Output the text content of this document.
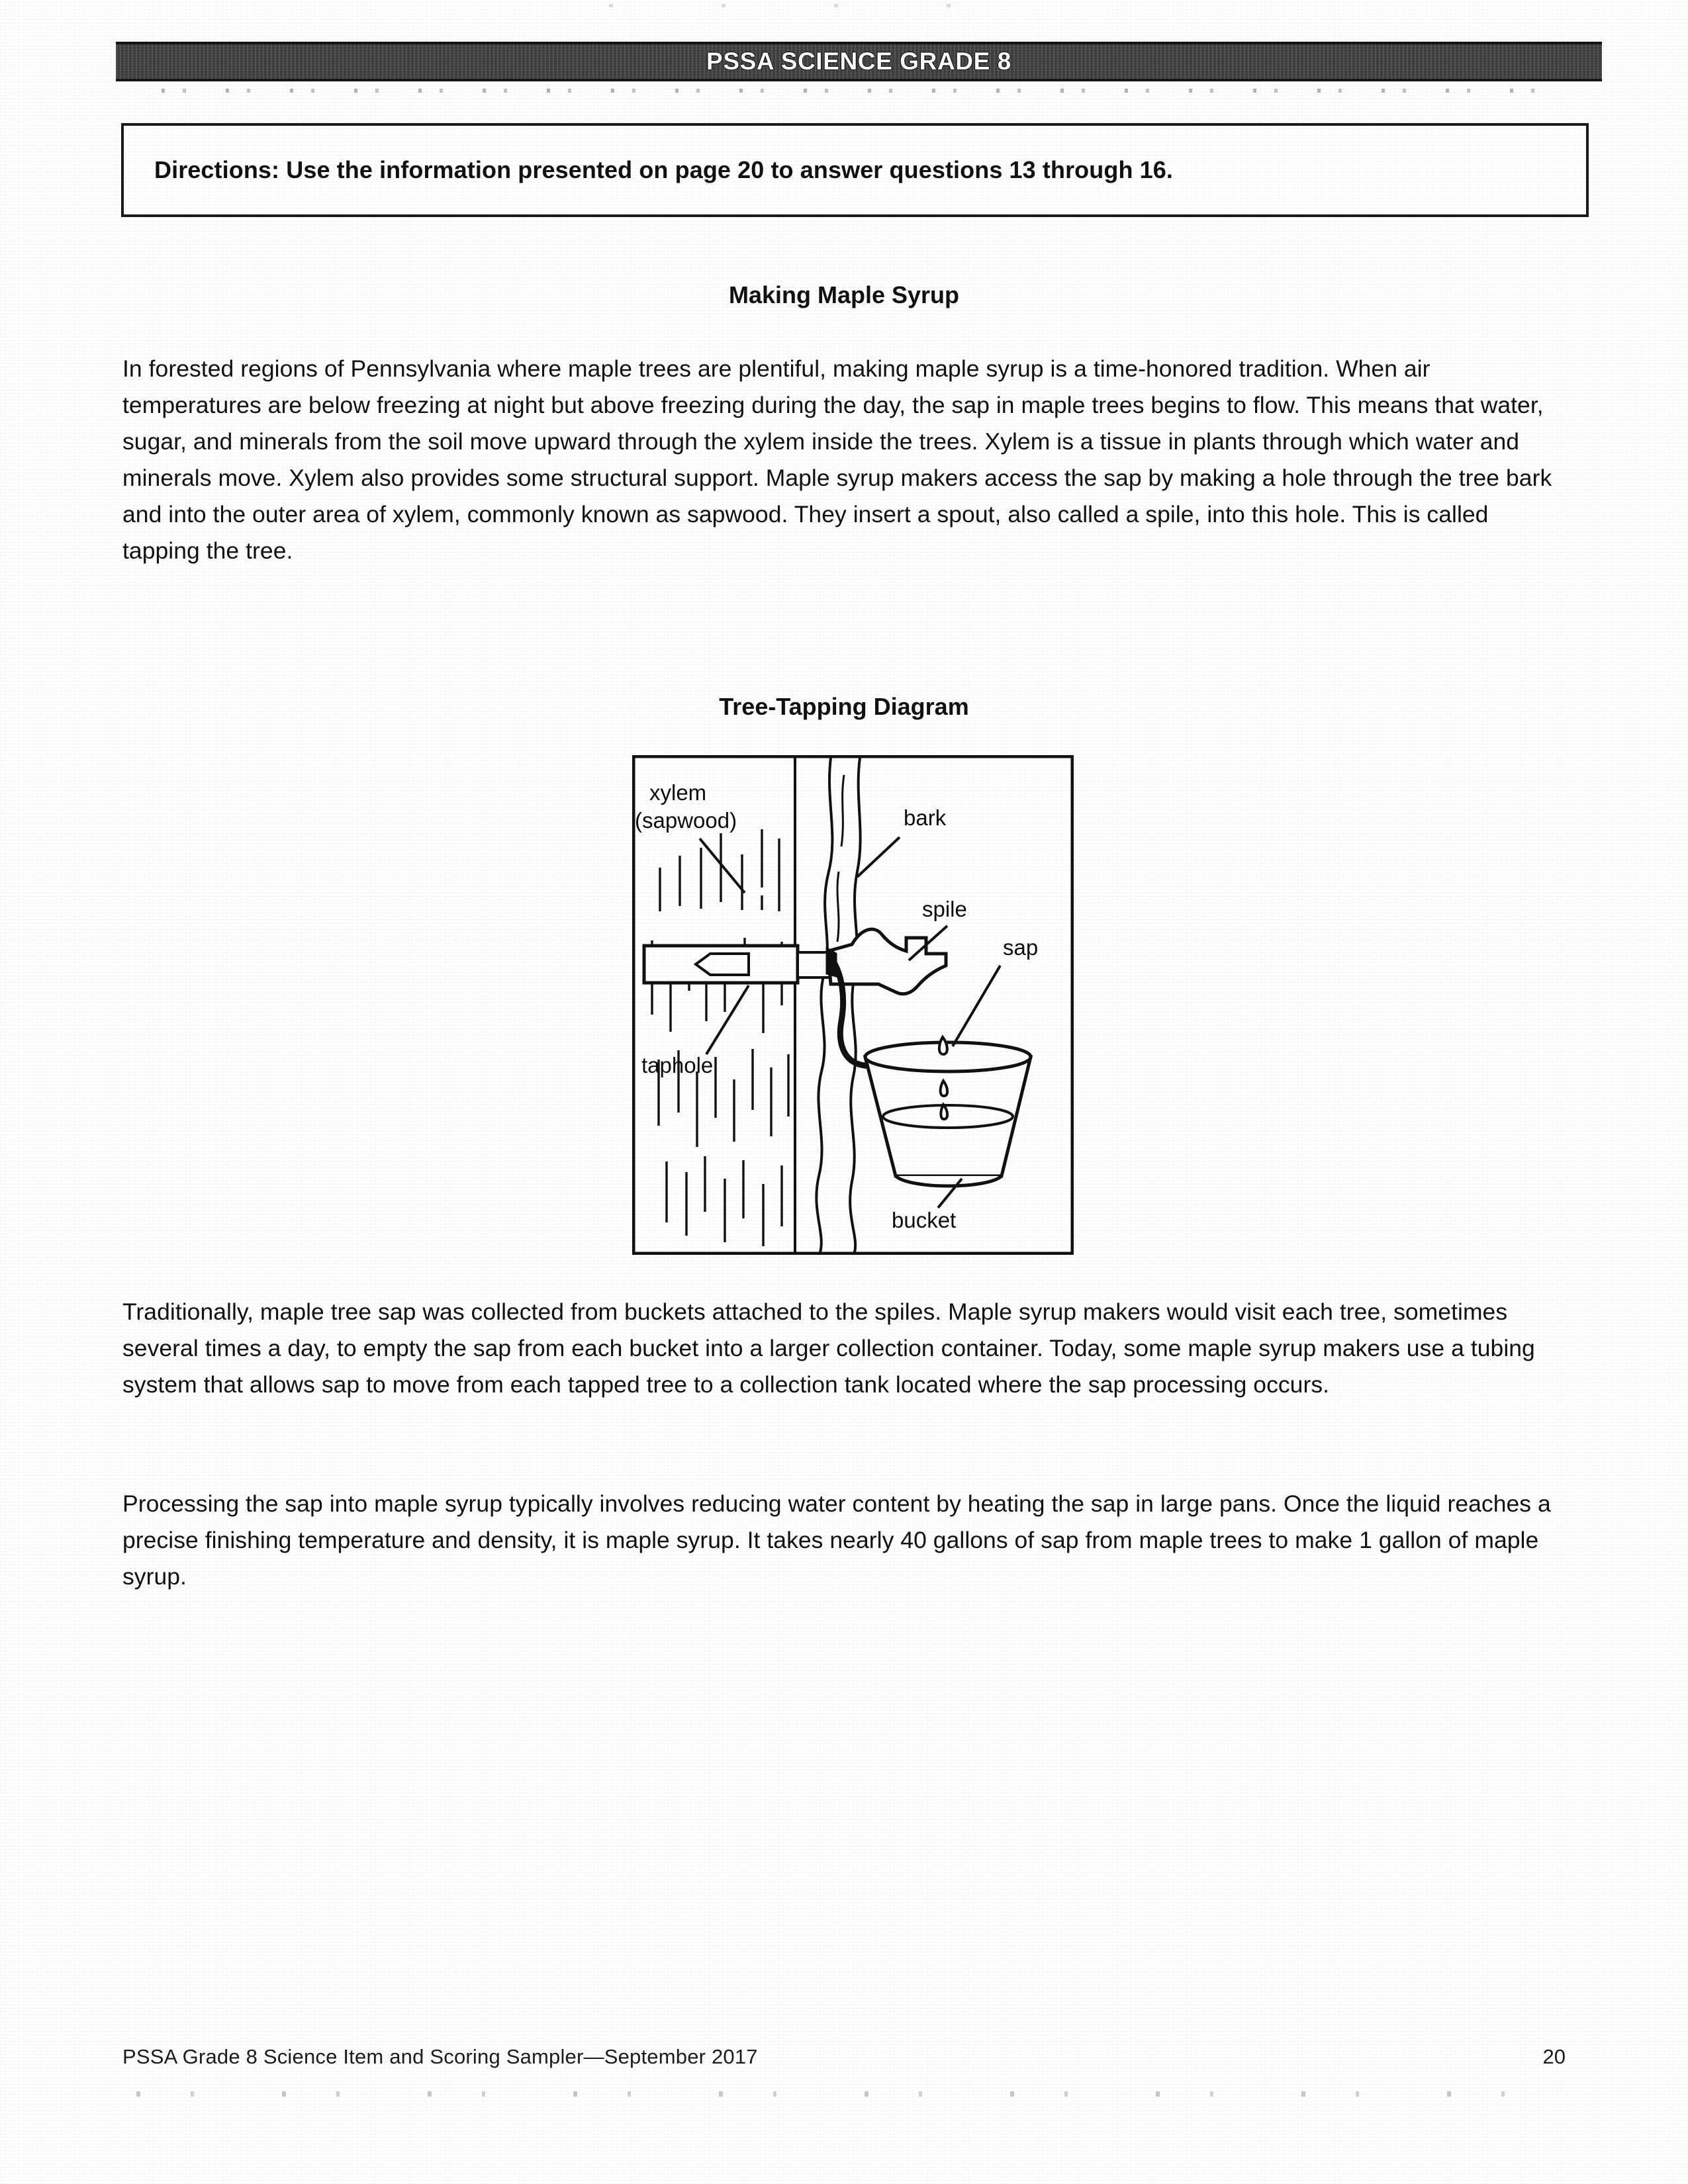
PSSA SCIENCE GRADE 8
Directions: Use the information presented on page 20 to answer questions 13 through 16.
Making Maple Syrup

In forested regions of Pennsylvania where maple trees are plentiful, making maple syrup is a time-honored tradition. When air temperatures are below freezing at night but above freezing during the day, the sap in maple trees begins to flow. This means that water, sugar, and minerals from the soil move upward through the xylem inside the trees. Xylem is a tissue in plants through which water and minerals move. Xylem also provides some structural support. Maple syrup makers access the sap by making a hole through the tree bark and into the outer area of xylem, commonly known as sapwood. They insert a spout, also called a spile, into this hole. This is called tapping the tree.

Tree-Tapping Diagram
xylem
(sapwood)	bark
spile
sap
taphole
bucket

Traditionally, maple tree sap was collected from buckets attached to the spiles. Maple syrup makers would visit each tree, sometimes several times a day, to empty the sap from each bucket into a larger collection container. Today, some maple syrup makers use a tubing system that allows sap to move from each tapped tree to a collection tank located where the sap processing occurs.

Processing the sap into maple syrup typically involves reducing water content by heating the sap in large pans. Once the liquid reaches a precise finishing temperature and density, it is maple syrup. It takes nearly 40 gallons of sap from maple trees to make 1 gallon of maple syrup.

PSSA Grade 8 Science Item and Scoring Sampler—September 2017	20
